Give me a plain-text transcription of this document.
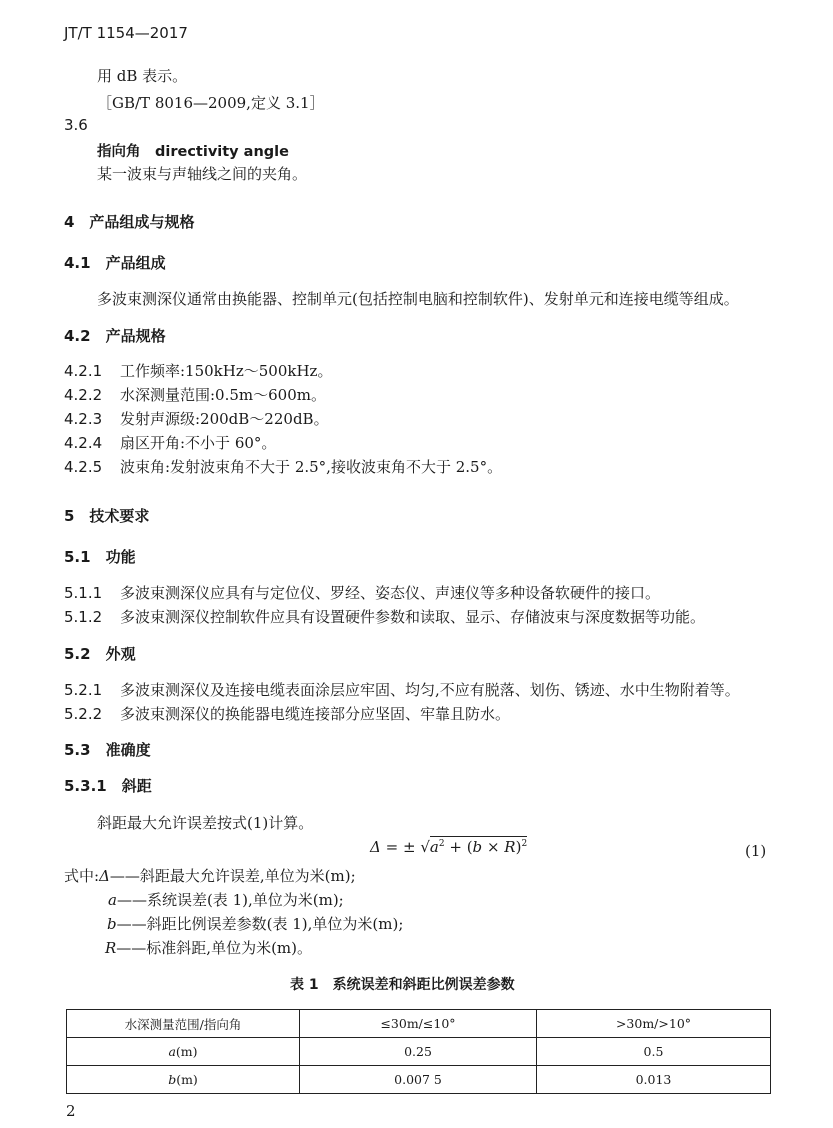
JT/T 1154—2017
用 dB 表示。
［GB/T 8016—2009,定义 3.1］
3.6
指向角　directivity angle
某一波束与声轴线之间的夹角。
4　产品组成与规格
4.1　产品组成
多波束测深仪通常由换能器、控制单元(包括控制电脑和控制软件)、发射单元和连接电缆等组成。
4.2　产品规格
4.2.1 工作频率:150kHz～500kHz。
4.2.2 水深测量范围:0.5m～600m。
4.2.3 发射声源级:200dB～220dB。
4.2.4 扇区开角:不小于 60°。
4.2.5 波束角:发射波束角不大于 2.5°,接收波束角不大于 2.5°。
5　技术要求
5.1　功能
5.1.1 多波束测深仪应具有与定位仪、罗经、姿态仪、声速仪等多种设备软硬件的接口。
5.1.2 多波束测深仪控制软件应具有设置硬件参数和读取、显示、存储波束与深度数据等功能。
5.2　外观
5.2.1 多波束测深仪及连接电缆表面涂层应牢固、均匀,不应有脱落、划伤、锈迹、水中生物附着等。
5.2.2 多波束测深仪的换能器电缆连接部分应坚固、牢靠且防水。
5.3　准确度
5.3.1　斜距
斜距最大允许误差按式(1)计算。
Δ = ± $√a^2 + (b \times R)^2$	(1)
式中:Δ——斜距最大允许误差,单位为米(m);
a——系统误差(表 1),单位为米(m);
b——斜距比例误差参数(表 1),单位为米(m);
R——标准斜距,单位为米(m)。
表 1　系统误差和斜距比例误差参数
水深测量范围/指向角	≤30m/≤10°	>30m/>10°
a(m)	0.25	0.5
b(m)	0.007 5	0.013
2
